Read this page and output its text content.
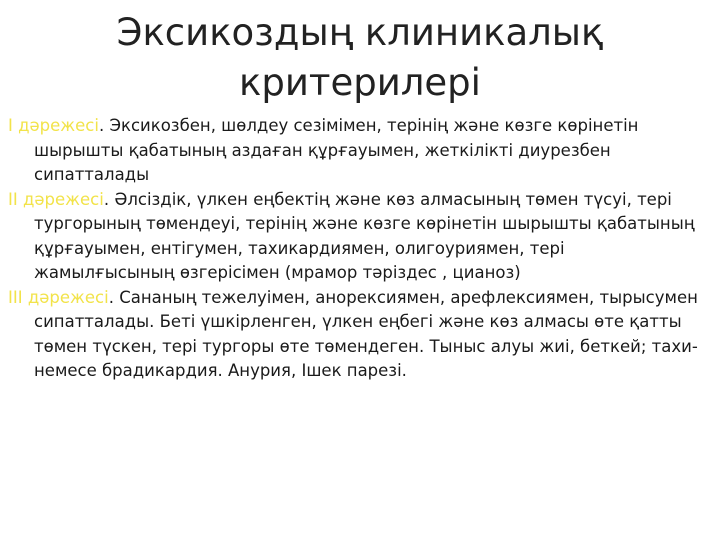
Эксикоздың клиникалық
критерилері

I дәрежесі. Эксикозбен, шөлдеу сезімімен, терінің және көзге көрінетін шырышты қабатының аздаған құрғауымен, жеткілікті диурезбен сипатталады

II дәрежесі. Әлсіздік, үлкен еңбектің және көз алмасының төмен түсуі, тері тургорының төмендеуі, терінің және көзге көрінетін шырышты қабатының құрғауымен, ентігумен, тахикардиямен, олигоуриямен, тері жамылғысының өзгерісімен (мрамор тәріздес , цианоз)

III дәрежесі. Сананың тежелуімен, анорексиямен, арефлексиямен, тырысумен сипатталады. Беті үшкірленген, үлкен еңбегі және көз алмасы өте қатты төмен түскен, тері тургоры өте төмендеген. Тыныс алуы жиі, беткей; тахи- немесе брадикардия. Анурия, Ішек парезі.
